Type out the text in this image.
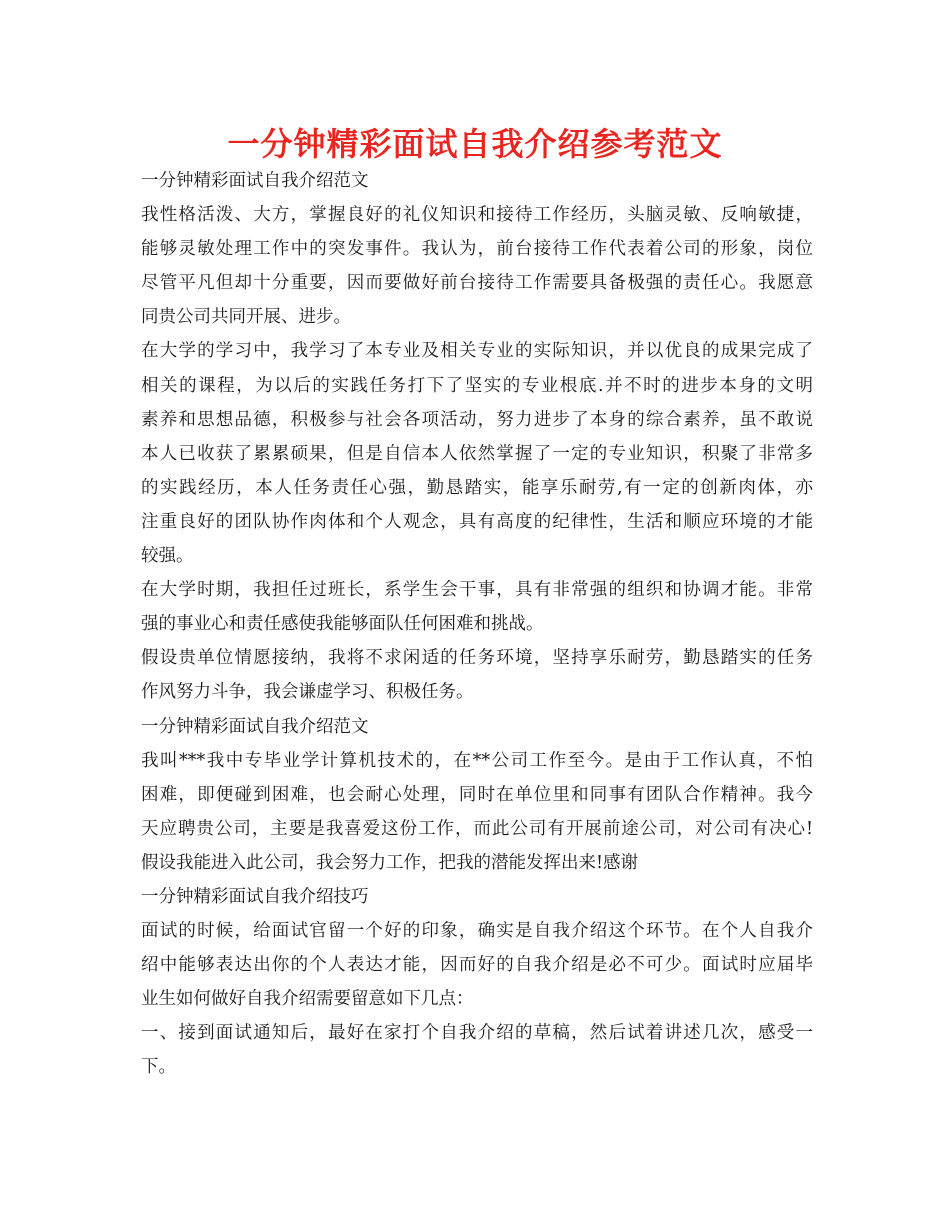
一分钟精彩面试自我介绍参考范文
一分钟精彩面试自我介绍范文
我性格活泼、大方，掌握良好的礼仪知识和接待工作经历，头脑灵敏、反响敏捷，
能够灵敏处理工作中的突发事件。我认为，前台接待工作代表着公司的形象，岗位
尽管平凡但却十分重要，因而要做好前台接待工作需要具备极强的责任心。我愿意
同贵公司共同开展、进步。
在大学的学习中，我学习了本专业及相关专业的实际知识，并以优良的成果完成了
相关的课程，为以后的实践任务打下了坚实的专业根底.并不时的进步本身的文明
素养和思想品德，积极参与社会各项活动，努力进步了本身的综合素养，虽不敢说
本人已收获了累累硕果，但是自信本人依然掌握了一定的专业知识，积聚了非常多
的实践经历，本人任务责任心强，勤恳踏实，能享乐耐劳,有一定的创新肉体，亦
注重良好的团队协作肉体和个人观念，具有高度的纪律性，生活和顺应环境的才能
较强。
在大学时期，我担任过班长，系学生会干事，具有非常强的组织和协调才能。非常
强的事业心和责任感使我能够面队任何困难和挑战。
假设贵单位情愿接纳，我将不求闲适的任务环境，坚持享乐耐劳，勤恳踏实的任务
作风努力斗争，我会谦虚学习、积极任务。
一分钟精彩面试自我介绍范文
我叫***我中专毕业学计算机技术的，在**公司工作至今。是由于工作认真，不怕
困难，即便碰到困难，也会耐心处理，同时在单位里和同事有团队合作精神。我今
天应聘贵公司，主要是我喜爱这份工作，而此公司有开展前途公司，对公司有决心!
假设我能进入此公司，我会努力工作，把我的潜能发挥出来!感谢
一分钟精彩面试自我介绍技巧
面试的时候，给面试官留一个好的印象，确实是自我介绍这个环节。在个人自我介
绍中能够表达出你的个人表达才能，因而好的自我介绍是必不可少。面试时应届毕
业生如何做好自我介绍需要留意如下几点：
一、接到面试通知后，最好在家打个自我介绍的草稿，然后试着讲述几次，感受一
下。
